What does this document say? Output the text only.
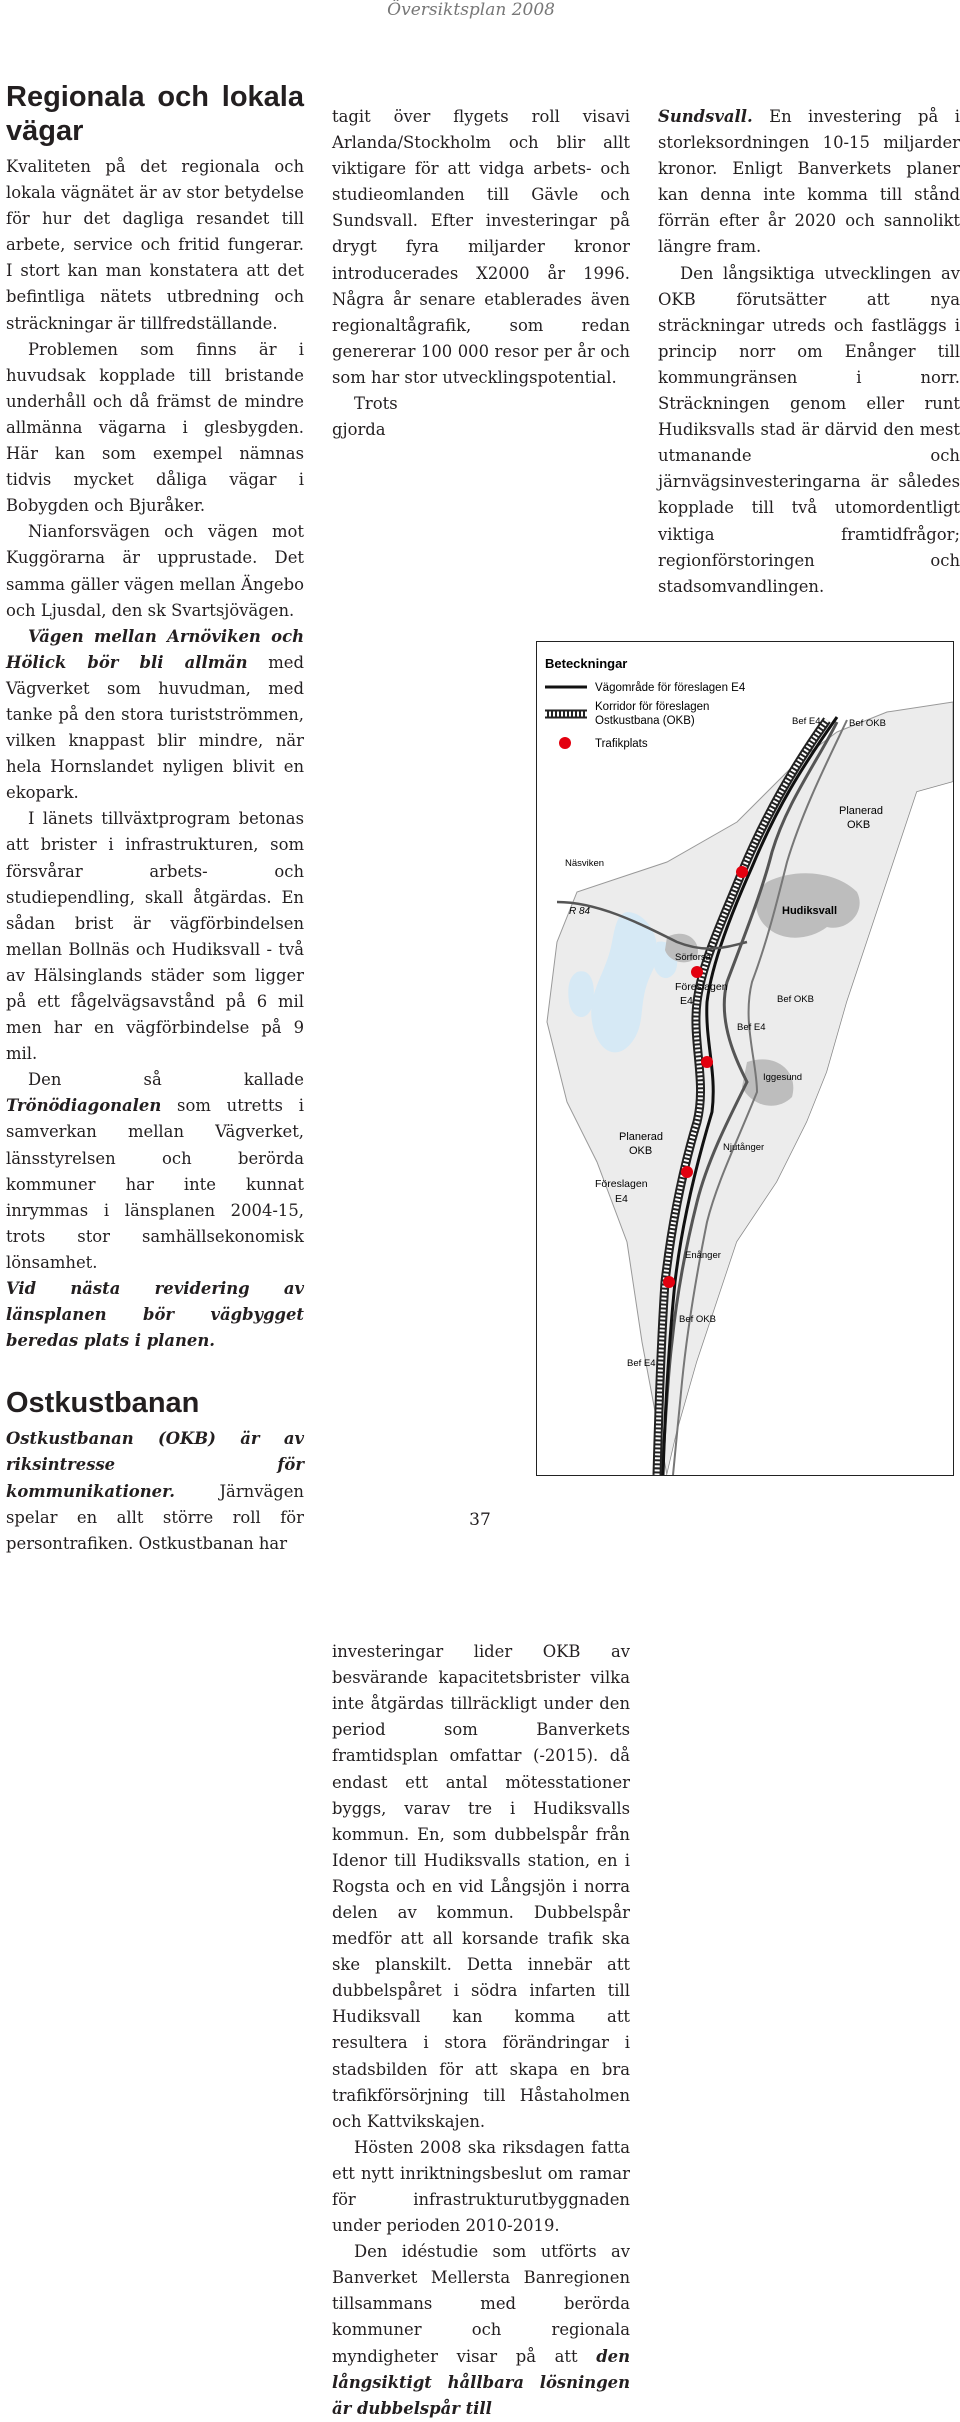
Översiktsplan 2008
Regionala och lokala vägar

Kvaliteten på det regionala och lokala vägnätet är av stor betydelse för hur det dagliga resandet till arbete, service och fritid fungerar. I stort kan man konstatera att det befintliga nätets utbredning och sträckningar är tillfredställande.

Problemen som finns är i huvudsak kopplade till bristande underhåll och då främst de mindre allmänna vägarna i glesbygden. Här kan som exempel nämnas tidvis mycket dåliga vägar i Bobygden och Bjuråker.

Nianforsvägen och vägen mot Kuggörarna är upprustade. Det samma gäller vägen mellan Ängebo och Ljusdal, den sk Svartsjövägen.

Vägen mellan Arnöviken och Hölick bör bli allmän med Vägverket som huvudman, med tanke på den stora turistströmmen, vilken knappast blir mindre, när hela Hornslandet nyligen blivit en ekopark.

I länets tillväxtprogram betonas att brister i infrastrukturen, som försvårar arbets- och studiependling, skall åtgärdas. En sådan brist är vägförbindelsen mellan Bollnäs och Hudiksvall - två av Hälsinglands städer som ligger på ett fågelvägsavstånd på 6 mil men har en vägförbindelse på 9 mil.

Den så kallade Trönödiagonalen som utretts i samverkan mellan Vägverket, länsstyrelsen och berörda kommuner har inte kunnat inrymmas i länsplanen 2004-15, trots stor samhällsekonomisk lönsamhet.

Vid nästa revidering av länsplanen bör vägbygget beredas plats i planen.

Ostkustbanan

Ostkustbanan (OKB) är av riksintresse för kommunikationer. Järnvägen spelar en allt större roll för persontrafiken. Ostkustbanan har

tagit över flygets roll visavi Arlanda/Stockholm och blir allt viktigare för att vidga arbets- och studieomlanden till Gävle och Sundsvall. Efter investeringar på drygt fyra miljarder kronor introducerades X2000 år 1996. Några år senare etablerades även regionaltågrafik, som redan genererar 100 000 resor per år och som har stor utvecklingspotential.

Trots gjorda investeringar lider OKB av besvärande kapacitetsbrister vilka inte åtgärdas tillräckligt under den period som Banverkets framtidsplan omfattar (-2015). då endast ett antal mötesstationer byggs, varav tre i Hudiksvalls kommun. En, som dubbelspår från Idenor till Hudiksvalls station, en i Rogsta och en vid Långsjön i norra delen av kommun. Dubbelspår medför att all korsande trafik ska ske planskilt. Detta innebär att dubbelspåret i södra infarten till Hudiksvall kan komma att resultera i stora förändringar i stadsbilden för att skapa en bra trafikförsörjning till Håstaholmen och Kattvikskajen.

Hösten 2008 ska riksdagen fatta ett nytt inriktningsbeslut om ramar för infrastrukturutbyggnaden under perioden 2010-2019.

Den idéstudie som utförts av Banverket Mellersta Banregionen tillsammans med berörda kommuner och regionala myndigheter visar på att den långsiktigt hållbara lösningen är dubbelspår till

Sundsvall. En investering på i storleksordningen 10-15 miljarder kronor. Enligt Banverkets planer kan denna inte komma till stånd förrän efter år 2020 och sannolikt längre fram.

Den långsiktiga utvecklingen av OKB förutsätter att nya sträckningar utreds och fastläggs i princip norr om Enånger till kommungränsen i norr. Sträckningen genom eller runt Hudiksvalls stad är därvid den mest utmanande och järnvägsinvesteringarna är således kopplade till två utomordentligt viktiga framtidfrågor; regionförstoringen och stadsomvandlingen.

Beteckningar
Vägområde för föreslagen E4
Korridor för föreslagen
Ostkustbana (OKB)
Trafikplats
Bef E4	Bef OKB
Planerad
OKB
Näsviken
R 84	Hudiksvall
Sörforsa
Föreslagen
E4	Bef OKB
Bef E4
Iggesund
Planerad
OKB	Njutånger
Föreslagen
E4
Enånger
Bef OKB
Bef E4
37
